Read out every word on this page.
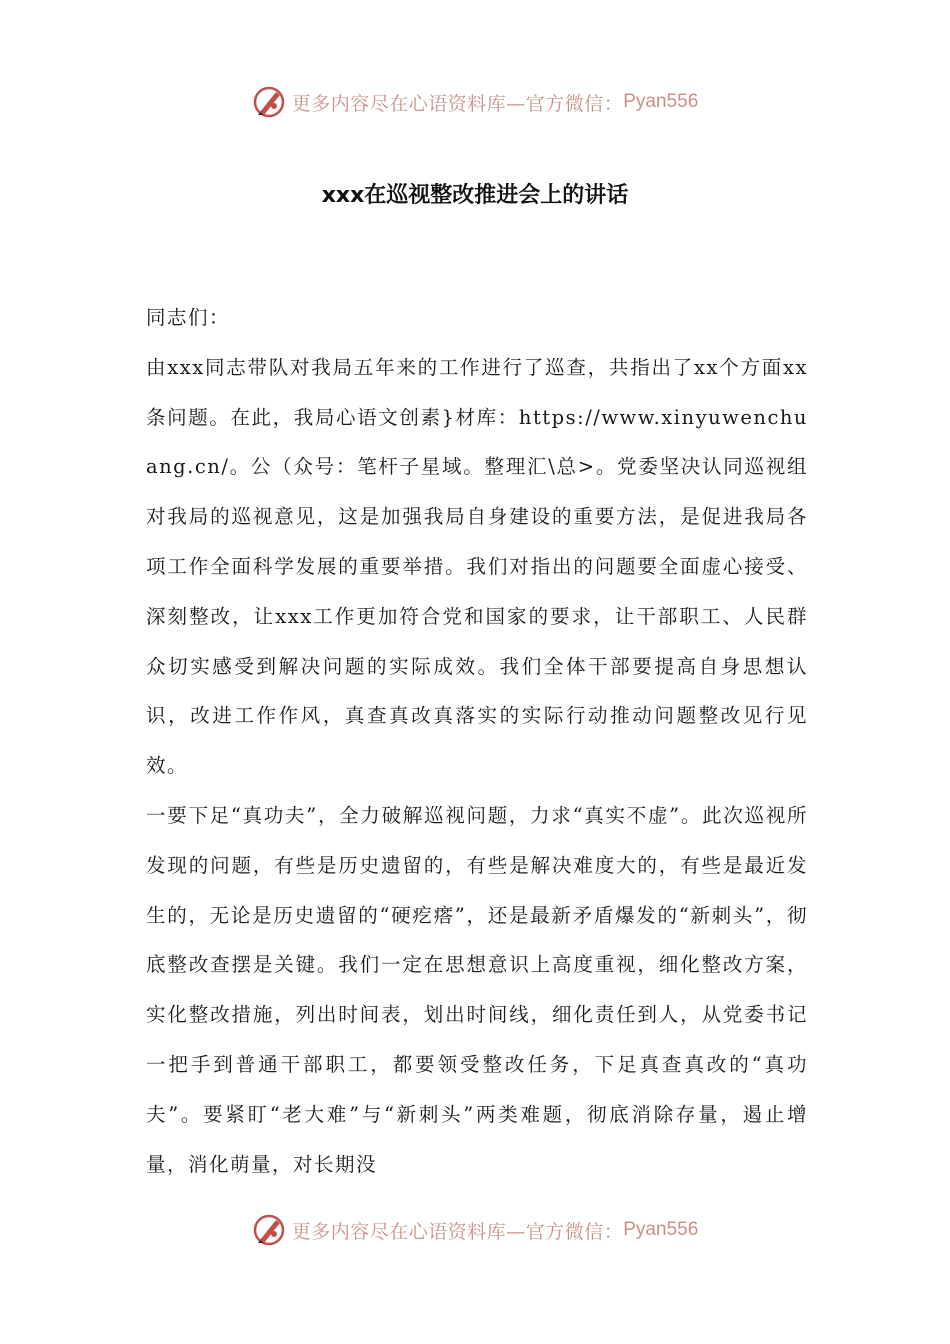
更多内容尽在心语资料库—官方微信： Pyan556
xxx在巡视整改推进会上的讲话

同志们：

由xxx同志带队对我局五年来的工作进行了巡查，共指出了xx个方面xx条问题。在此，我局心语文创素}材库：https://www.xinyuwenchuang.cn/。公（众号：笔杆子星域。整理汇\总>。党委坚决认同巡视组对我局的巡视意见，这是加强我局自身建设的重要方法，是促进我局各项工作全面科学发展的重要举措。我们对指出的问题要全面虚心接受、深刻整改，让xxx工作更加符合党和国家的要求，让干部职工、人民群众切实感受到解决问题的实际成效。我们全体干部要提高自身思想认识，改进工作作风，真查真改真落实的实际行动推动问题整改见行见效。

一要下足“真功夫”，全力破解巡视问题，力求“真实不虚”。此次巡视所发现的问题，有些是历史遗留的，有些是解决难度大的，有些是最近发生的，无论是历史遗留的“硬疙瘩”，还是最新矛盾爆发的“新刺头”，彻底整改查摆是关键。我们一定在思想意识上高度重视，细化整改方案，实化整改措施，列出时间表，划出时间线，细化责任到人，从党委书记一把手到普通干部职工，都要领受整改任务，下足真查真改的“真功夫”。要紧盯“老大难”与“新刺头”两类难题，彻底消除存量，遏止增量，消化萌量，对长期没

更多内容尽在心语资料库—官方微信： Pyan556
